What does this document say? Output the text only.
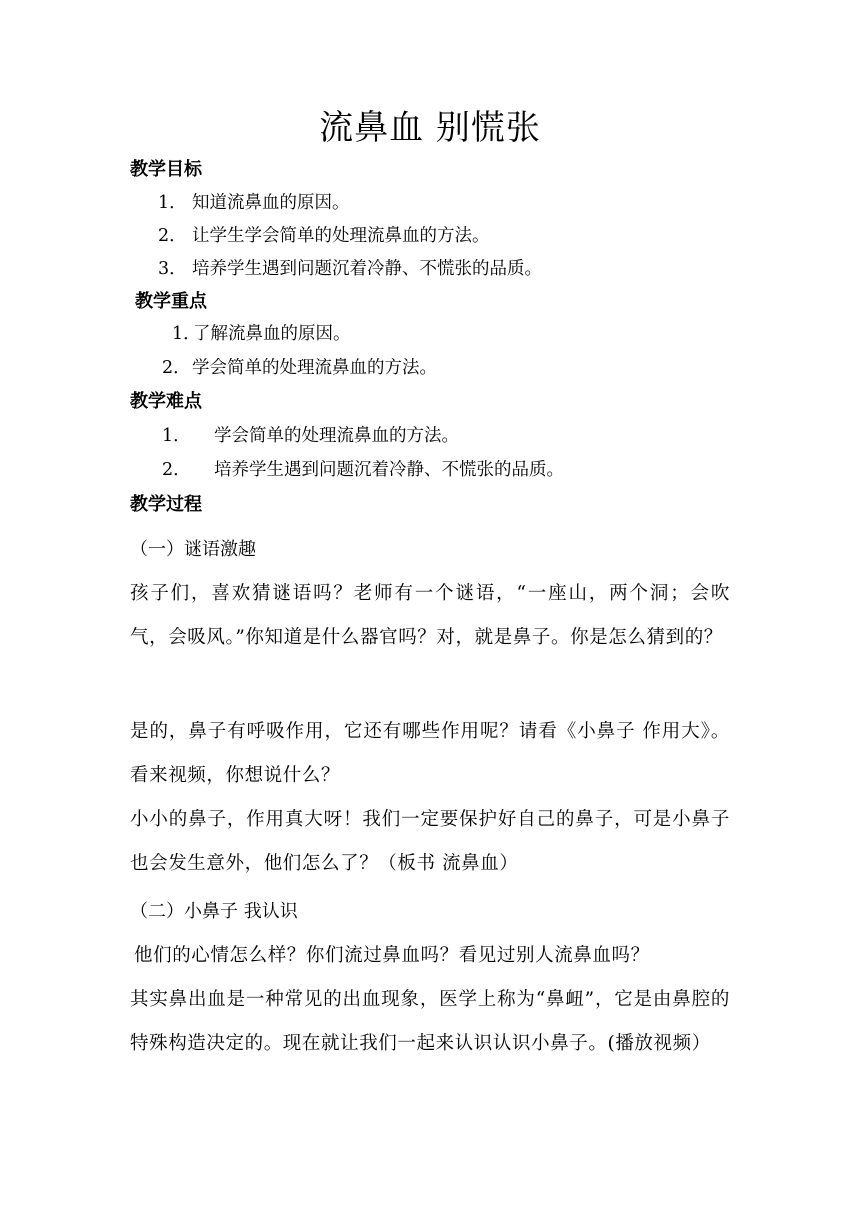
流鼻血 别慌张
教学目标
1． 知道流鼻血的原因。
2． 让学生学会简单的处理流鼻血的方法。
3． 培养学生遇到问题沉着冷静、不慌张的品质。
教学重点
1．了解流鼻血的原因。
2．学会简单的处理流鼻血的方法。
教学难点
1． 学会简单的处理流鼻血的方法。
2． 培养学生遇到问题沉着冷静、不慌张的品质。
教学过程
（一）谜语激趣
孩子们，喜欢猜谜语吗？老师有一个谜语，“一座山，两个洞；会吹气，会吸风。”你知道是什么器官吗？对，就是鼻子。你是怎么猜到的？
是的，鼻子有呼吸作用，它还有哪些作用呢？请看《小鼻子 作用大》。看来视频，你想说什么？
小小的鼻子，作用真大呀！我们一定要保护好自己的鼻子，可是小鼻子也会发生意外，他们怎么了？（板书 流鼻血）
（二）小鼻子 我认识
他们的心情怎么样？你们流过鼻血吗？看见过别人流鼻血吗？
其实鼻出血是一种常见的出血现象，医学上称为“鼻衄”，它是由鼻腔的特殊构造决定的。现在就让我们一起来认识认识小鼻子。(播放视频）
